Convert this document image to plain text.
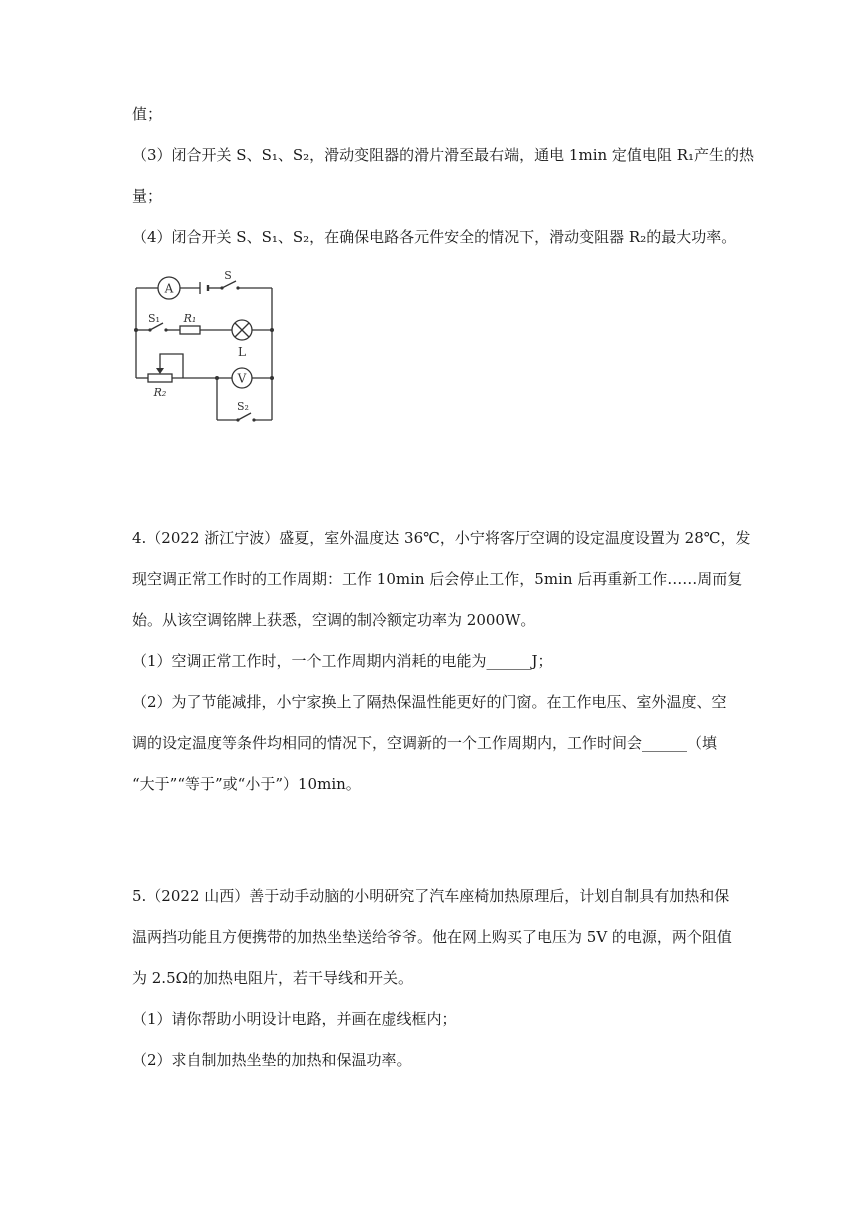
值；
（3）闭合开关 S、S₁、S₂，滑动变阻器的滑片滑至最右端，通电 1min 定值电阻 R₁产生的热
量；
（4）闭合开关 S、S₁、S₂，在确保电路各元件安全的情况下，滑动变阻器 R₂的最大功率。
A
V
L
S
S₁
S₂
R₁
R₂
4.（2022 浙江宁波）盛夏，室外温度达 36℃，小宁将客厅空调的设定温度设置为 28℃，发
现空调正常工作时的工作周期：工作 10min 后会停止工作，5min 后再重新工作……周而复
始。从该空调铭牌上获悉，空调的制冷额定功率为 2000W。
（1）空调正常工作时，一个工作周期内消耗的电能为______J；
（2）为了节能减排，小宁家换上了隔热保温性能更好的门窗。在工作电压、室外温度、空
调的设定温度等条件均相同的情况下，空调新的一个工作周期内，工作时间会______（填
“大于”“等于”或“小于”）10min。
5.（2022 山西）善于动手动脑的小明研究了汽车座椅加热原理后，计划自制具有加热和保
温两挡功能且方便携带的加热坐垫送给爷爷。他在网上购买了电压为 5V 的电源，两个阻值
为 2.5Ω的加热电阻片，若干导线和开关。
（1）请你帮助小明设计电路，并画在虚线框内；
（2）求自制加热坐垫的加热和保温功率。
